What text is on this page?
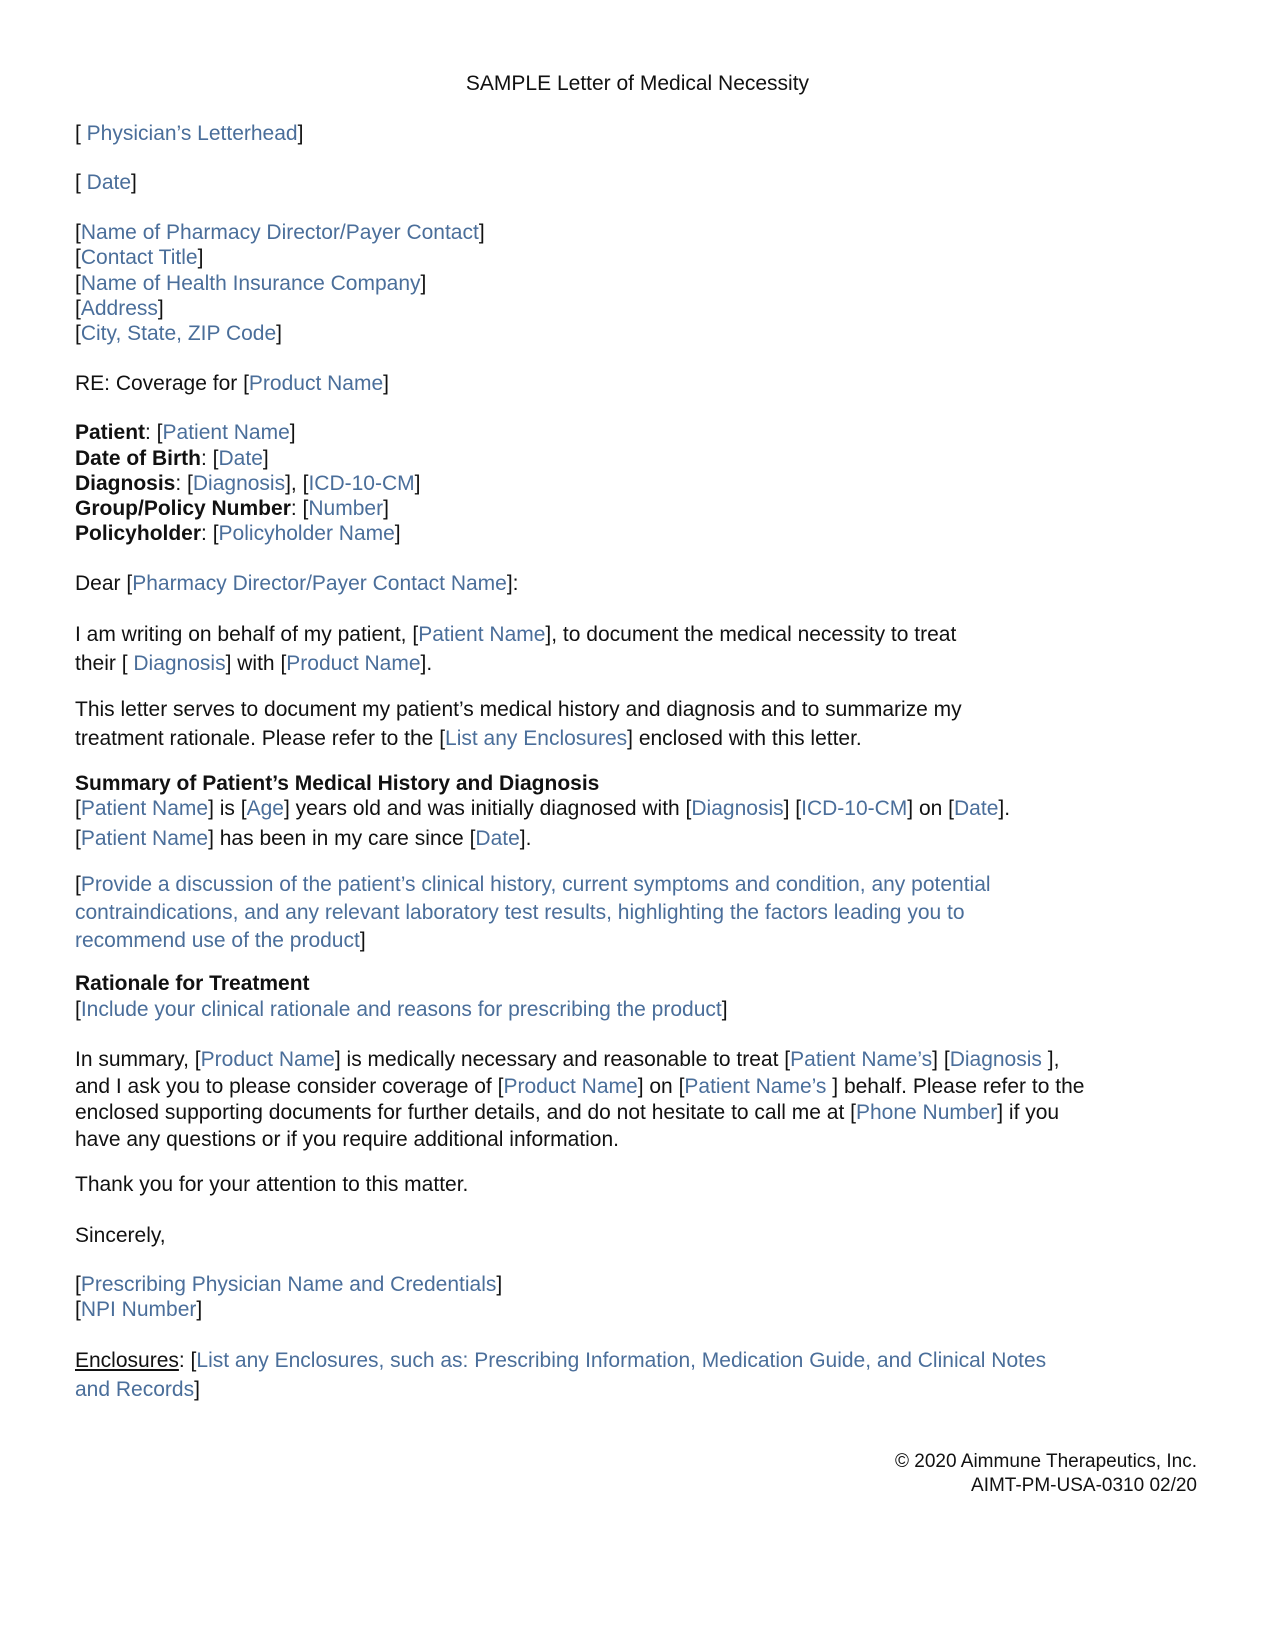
SAMPLE Letter of Medical Necessity
[ Physician’s Letterhead]
[ Date]
[Name of Pharmacy Director/Payer Contact]
[Contact Title]
[Name of Health Insurance Company]
[Address]
[City, State, ZIP Code]
RE: Coverage for [Product Name]
Patient: [Patient Name]
Date of Birth: [Date]
Diagnosis: [Diagnosis], [ICD-10-CM]
Group/Policy Number: [Number]
Policyholder: [Policyholder Name]
Dear [Pharmacy Director/Payer Contact Name]:
I am writing on behalf of my patient, [Patient Name], to document the medical necessity to treat
their [ Diagnosis] with [Product Name].
This letter serves to document my patient’s medical history and diagnosis and to summarize my
treatment rationale. Please refer to the [List any Enclosures] enclosed with this letter.
Summary of Patient’s Medical History and Diagnosis
[Patient Name] is [Age] years old and was initially diagnosed with [Diagnosis] [ICD-10-CM] on [Date].
[Patient Name] has been in my care since [Date].
[Provide a discussion of the patient’s clinical history, current symptoms and condition, any potential
contraindications, and any relevant laboratory test results, highlighting the factors leading you to
recommend use of the product]
Rationale for Treatment
[Include your clinical rationale and reasons for prescribing the product]
In summary, [Product Name] is medically necessary and reasonable to treat [Patient Name’s] [Diagnosis ],
and I ask you to please consider coverage of [Product Name] on [Patient Name’s ] behalf. Please refer to the
enclosed supporting documents for further details, and do not hesitate to call me at [Phone Number] if you
have any questions or if you require additional information.
Thank you for your attention to this matter.
Sincerely,
[Prescribing Physician Name and Credentials]
[NPI Number]
Enclosures: [List any Enclosures, such as: Prescribing Information, Medication Guide, and Clinical Notes
and Records]
© 2020 Aimmune Therapeutics, Inc.
AIMT-PM-USA-0310 02/20
